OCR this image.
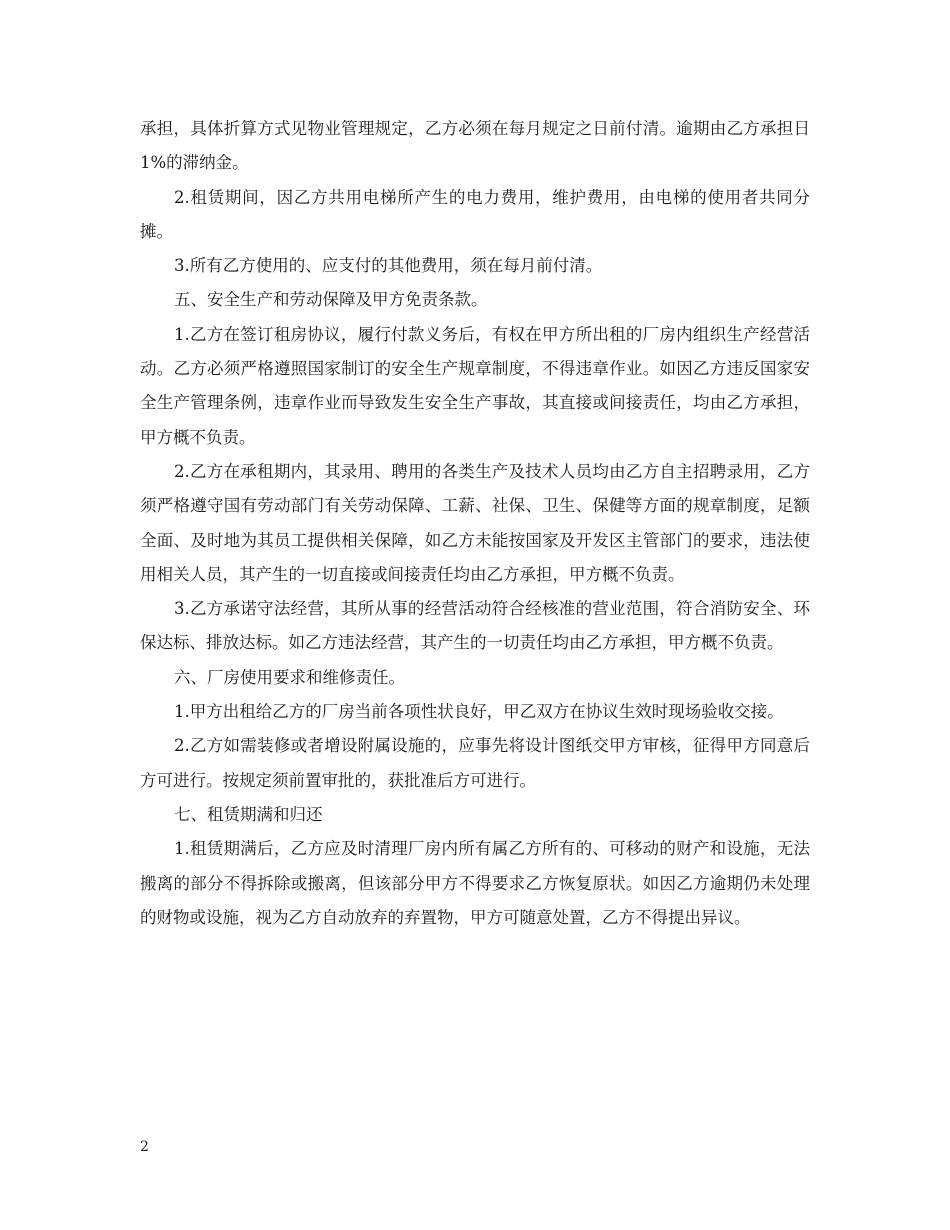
承担，具体折算方式见物业管理规定，乙方必须在每月规定之日前付清。逾期由乙方承担日 1%的滞纳金。

2.租赁期间，因乙方共用电梯所产生的电力费用，维护费用，由电梯的使用者共同分摊。

3.所有乙方使用的、应支付的其他费用，须在每月前付清。

五、安全生产和劳动保障及甲方免责条款。

1.乙方在签订租房协议，履行付款义务后，有权在甲方所出租的厂房内组织生产经营活动。乙方必须严格遵照国家制订的安全生产规章制度，不得违章作业。如因乙方违反国家安全生产管理条例，违章作业而导致发生安全生产事故，其直接或间接责任，均由乙方承担，甲方概不负责。

2.乙方在承租期内，其录用、聘用的各类生产及技术人员均由乙方自主招聘录用，乙方须严格遵守国有劳动部门有关劳动保障、工薪、社保、卫生、保健等方面的规章制度，足额全面、及时地为其员工提供相关保障，如乙方未能按国家及开发区主管部门的要求，违法使用相关人员，其产生的一切直接或间接责任均由乙方承担，甲方概不负责。

3.乙方承诺守法经营，其所从事的经营活动符合经核准的营业范围，符合消防安全、环保达标、排放达标。如乙方违法经营，其产生的一切责任均由乙方承担，甲方概不负责。

六、厂房使用要求和维修责任。

1.甲方出租给乙方的厂房当前各项性状良好，甲乙双方在协议生效时现场验收交接。

2.乙方如需装修或者增设附属设施的，应事先将设计图纸交甲方审核，征得甲方同意后方可进行。按规定须前置审批的，获批准后方可进行。

七、租赁期满和归还

1.租赁期满后，乙方应及时清理厂房内所有属乙方所有的、可移动的财产和设施，无法搬离的部分不得拆除或搬离，但该部分甲方不得要求乙方恢复原状。如因乙方逾期仍未处理的财物或设施，视为乙方自动放弃的弃置物，甲方可随意处置，乙方不得提出异议。

2
